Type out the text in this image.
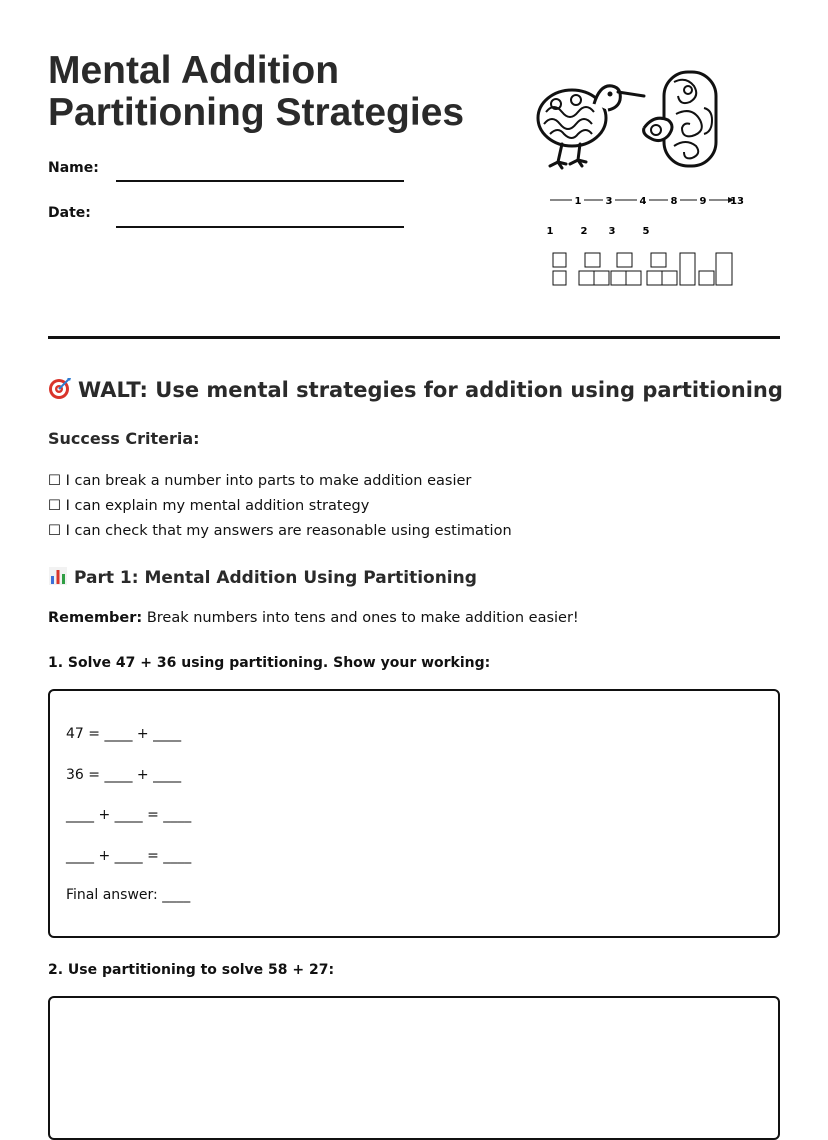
Mental Addition
Partitioning Strategies
Name:
Date:
1 3	4 8 9 13
1	2 3	5
WALT: Use mental strategies for addition using partitioning
Success Criteria:
☐ I can break a number into parts to make addition easier
☐ I can explain my mental addition strategy
☐ I can check that my answers are reasonable using estimation
Part 1: Mental Addition Using Partitioning
Remember: Break numbers into tens and ones to make addition easier!
1. Solve 47 + 36 using partitioning. Show your working:
47 = ____ + ____
36 = ____ + ____
____ + ____ = ____
____ + ____ = ____
Final answer: ____
2. Use partitioning to solve 58 + 27:
